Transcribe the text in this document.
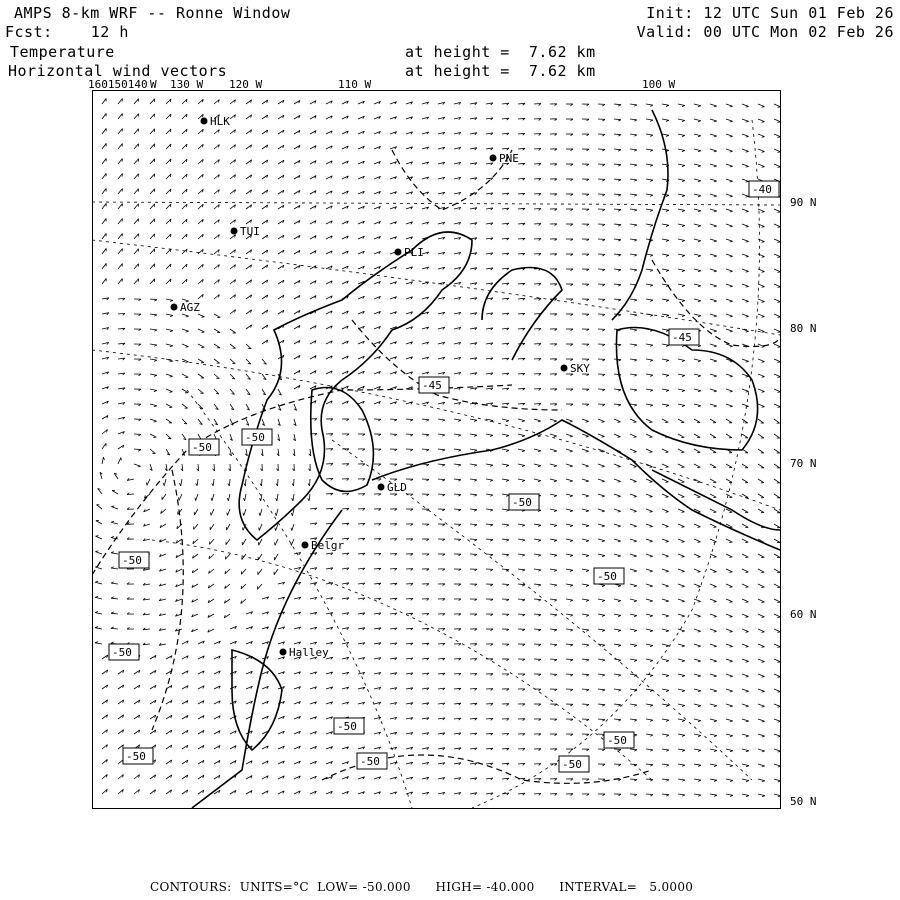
AMPS 8-km WRF -- Ronne Window
Fcst:    12 h
Temperature
Horizontal wind vectors
Init: 12 UTC Sun 01 Feb 26
Valid: 00 UTC Mon 02 Feb 26
at height =  7.62 km
at height =  7.62 km
160150140 W 130 W 120 W	110 W	100 W
90 N
80 N
70 N
60 N
50 N
-40
-45
-45
-50
-50
-50
-50
-50
-50
-50
-50
-50
-50
-50
HLK
PNE
TUI
PLI
AGZ
SKY
GLD
Belgr
Halley
CONTOURS:  UNITS=°C  LOW= -50.000      HIGH= -40.000      INTERVAL=   5.0000
